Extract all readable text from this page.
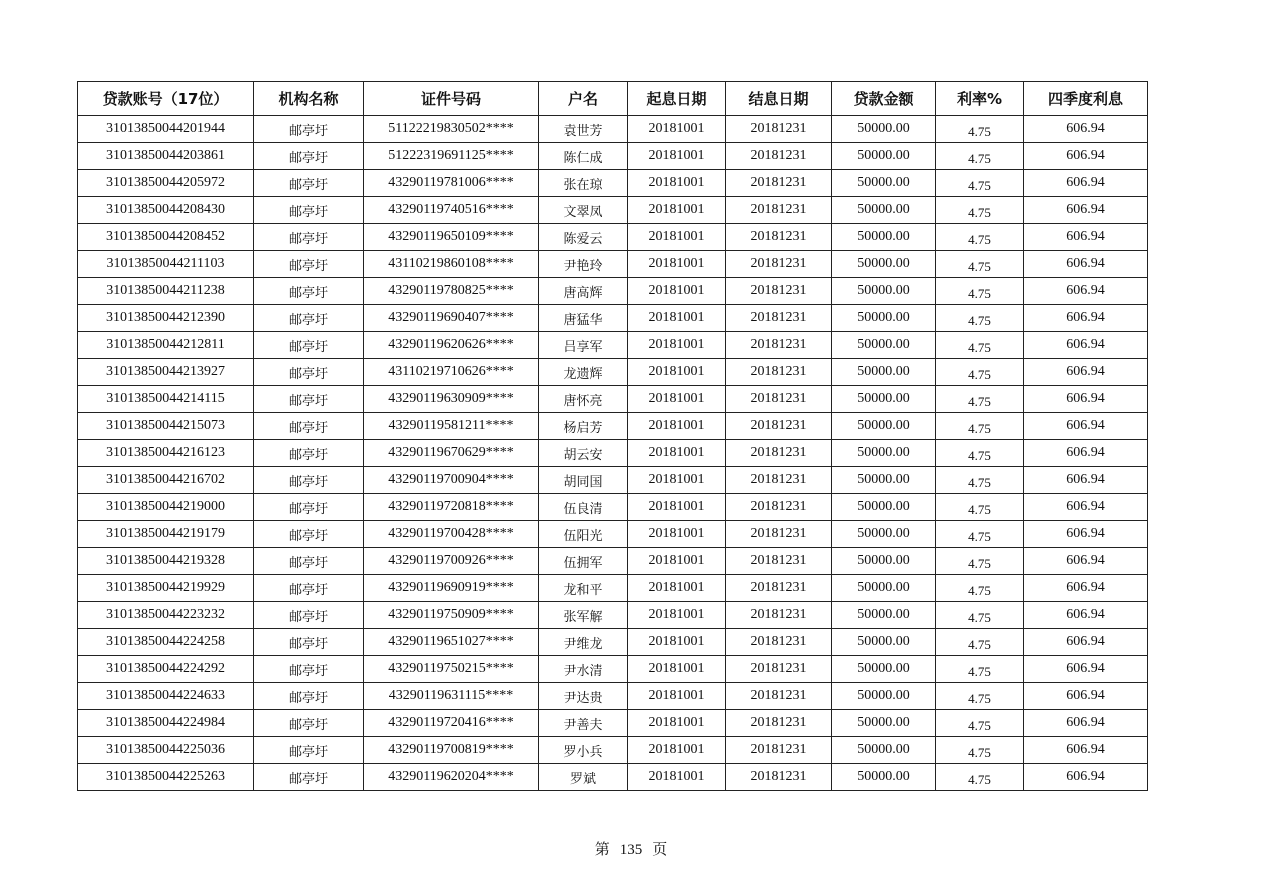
贷款账号（17位）	机构名称	证件号码	户名	起息日期	结息日期	贷款金额	利率%	四季度利息
31013850044201944	邮亭圩	51122219830502****	袁世芳	20181001	20181231	50000.00	4.75	606.94
31013850044203861	邮亭圩	51222319691125****	陈仁成	20181001	20181231	50000.00	4.75	606.94
31013850044205972	邮亭圩	43290119781006****	张在琼	20181001	20181231	50000.00	4.75	606.94
31013850044208430	邮亭圩	43290119740516****	文翠凤	20181001	20181231	50000.00	4.75	606.94
31013850044208452	邮亭圩	43290119650109****	陈爱云	20181001	20181231	50000.00	4.75	606.94
31013850044211103	邮亭圩	43110219860108****	尹艳玲	20181001	20181231	50000.00	4.75	606.94
31013850044211238	邮亭圩	43290119780825****	唐高辉	20181001	20181231	50000.00	4.75	606.94
31013850044212390	邮亭圩	43290119690407****	唐猛华	20181001	20181231	50000.00	4.75	606.94
31013850044212811	邮亭圩	43290119620626****	吕享军	20181001	20181231	50000.00	4.75	606.94
31013850044213927	邮亭圩	43110219710626****	龙遗辉	20181001	20181231	50000.00	4.75	606.94
31013850044214115	邮亭圩	43290119630909****	唐怀亮	20181001	20181231	50000.00	4.75	606.94
31013850044215073	邮亭圩	43290119581211****	杨启芳	20181001	20181231	50000.00	4.75	606.94
31013850044216123	邮亭圩	43290119670629****	胡云安	20181001	20181231	50000.00	4.75	606.94
31013850044216702	邮亭圩	43290119700904****	胡同国	20181001	20181231	50000.00	4.75	606.94
31013850044219000	邮亭圩	43290119720818****	伍良清	20181001	20181231	50000.00	4.75	606.94
31013850044219179	邮亭圩	43290119700428****	伍阳光	20181001	20181231	50000.00	4.75	606.94
31013850044219328	邮亭圩	43290119700926****	伍拥军	20181001	20181231	50000.00	4.75	606.94
31013850044219929	邮亭圩	43290119690919****	龙和平	20181001	20181231	50000.00	4.75	606.94
31013850044223232	邮亭圩	43290119750909****	张军解	20181001	20181231	50000.00	4.75	606.94
31013850044224258	邮亭圩	43290119651027****	尹维龙	20181001	20181231	50000.00	4.75	606.94
31013850044224292	邮亭圩	43290119750215****	尹水清	20181001	20181231	50000.00	4.75	606.94
31013850044224633	邮亭圩	43290119631115****	尹达贵	20181001	20181231	50000.00	4.75	606.94
31013850044224984	邮亭圩	43290119720416****	尹善夫	20181001	20181231	50000.00	4.75	606.94
31013850044225036	邮亭圩	43290119700819****	罗小兵	20181001	20181231	50000.00	4.75	606.94
31013850044225263	邮亭圩	43290119620204****	罗斌	20181001	20181231	50000.00	4.75	606.94
第 135 页
